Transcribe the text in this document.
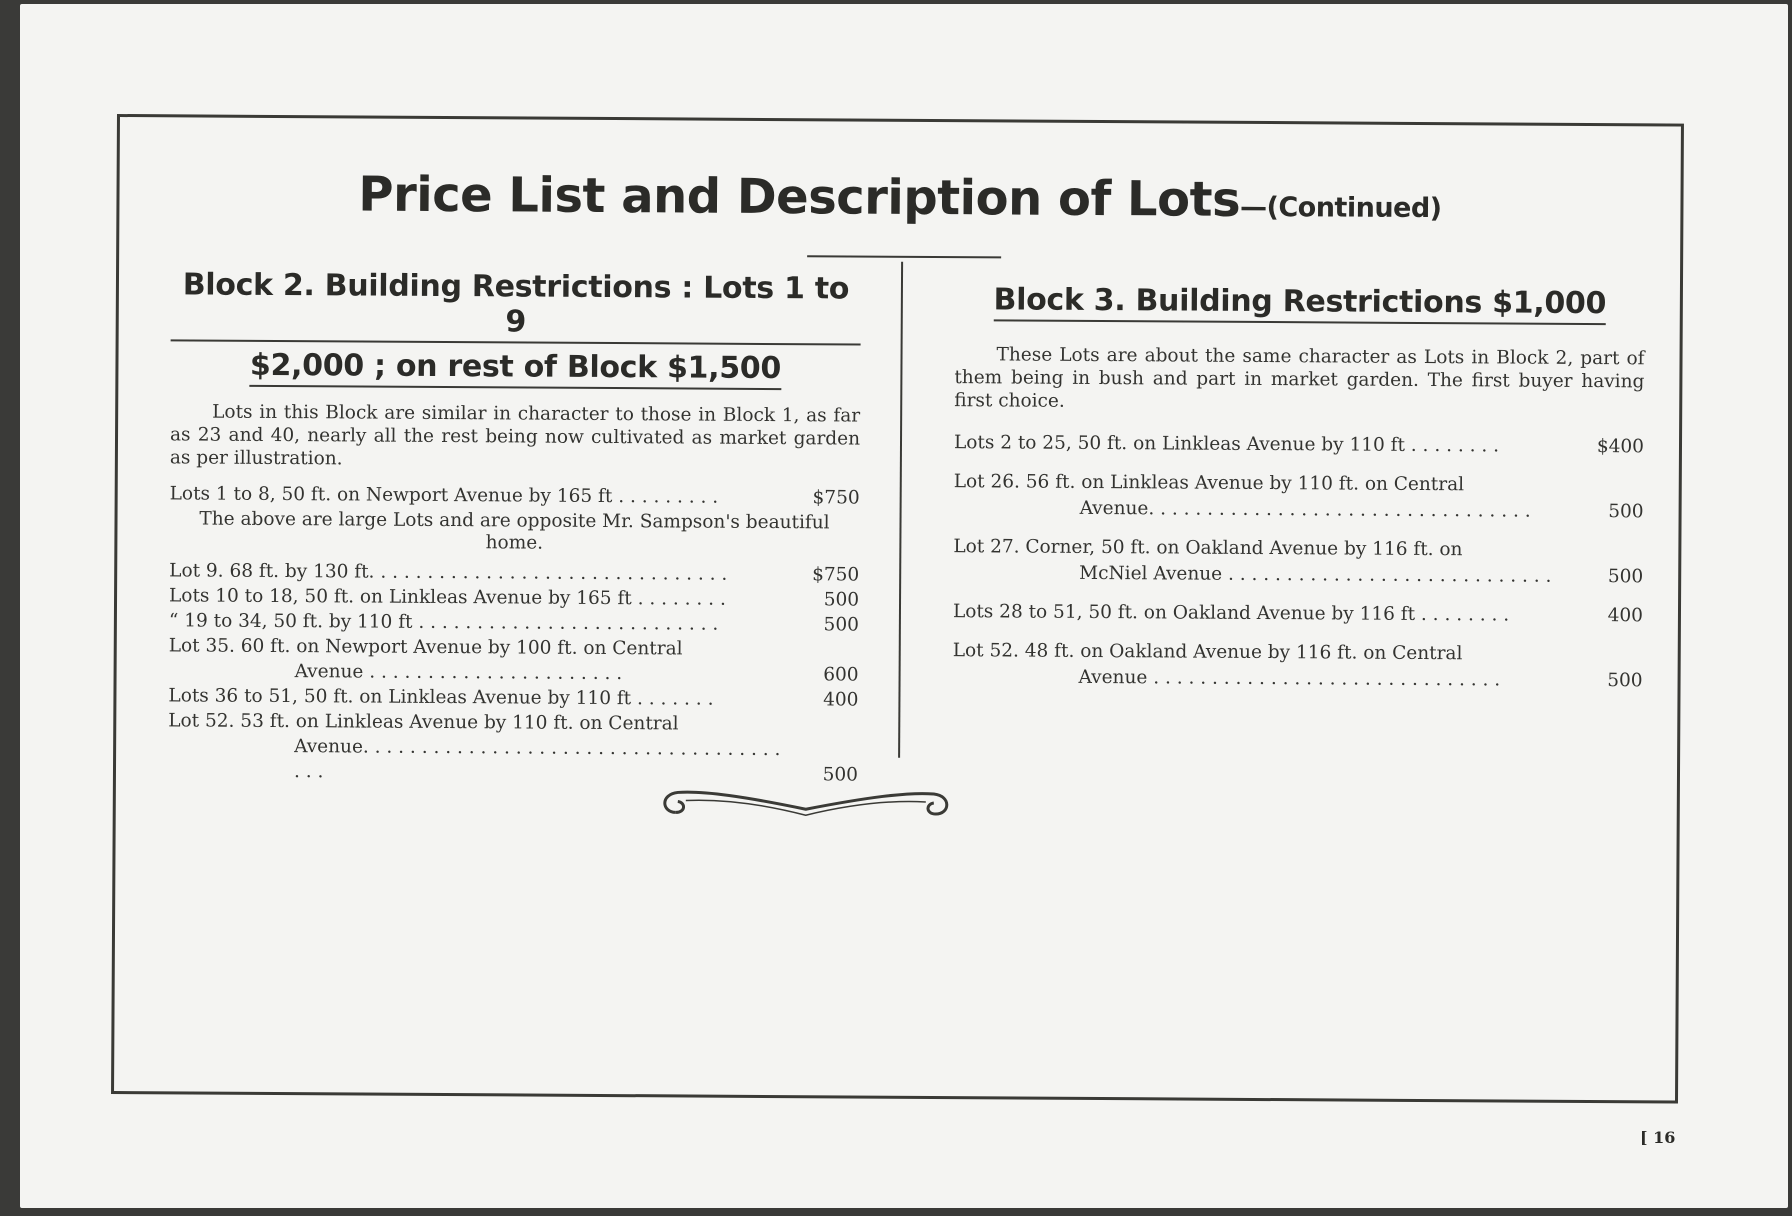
Price List and Description of Lots—(Continued)
Block 2. Building Restrictions : Lots 1 to 9
$2,000 ; on rest of Block $1,500
Lots in this Block are similar in character to those in Block 1, as far as 23 and 40, nearly all the rest being now cultivated as market garden as per illustration.
Lots 1 to 8, 50 ft. on Newport Avenue by 165 ft . . . . . . . . .	$750
The above are large Lots and are opposite Mr. Sampson's beautiful home.
Lot 9. 68 ft. by 130 ft. . . . . . . . . . . . . . . . . . . . . . . . . . . . . . .	$750
Lots 10 to 18, 50 ft. on Linkleas Avenue by 165 ft . . . . . . . .	500
“ 19 to 34, 50 ft. by 110 ft . . . . . . . . . . . . . . . . . . . . . . . . . .	500
Lot 35. 60 ft. on Newport Avenue by 100 ft. on Central
Avenue . . . . . . . . . . . . . . . . . . . . . .	600
Lots 36 to 51, 50 ft. on Linkleas Avenue by 110 ft . . . . . . .	400
Lot 52. 53 ft. on Linkleas Avenue by 110 ft. on Central
Avenue. . . . . . . . . . . . . . . . . . . . . . . . . . . . . . . . . . . . . . .	500
Block 3. Building Restrictions $1,000
These Lots are about the same character as Lots in Block 2, part of them being in bush and part in market garden. The first buyer having first choice.
Lots 2 to 25, 50 ft. on Linkleas Avenue by 110 ft . . . . . . . .	$400
Lot 26. 56 ft. on Linkleas Avenue by 110 ft. on Central
Avenue. . . . . . . . . . . . . . . . . . . . . . . . . . . . . . . . .	500
Lot 27. Corner, 50 ft. on Oakland Avenue by 116 ft. on
McNiel Avenue . . . . . . . . . . . . . . . . . . . . . . . . . . . .	500
Lots 28 to 51, 50 ft. on Oakland Avenue by 116 ft . . . . . . . .	400
Lot 52. 48 ft. on Oakland Avenue by 116 ft. on Central
Avenue . . . . . . . . . . . . . . . . . . . . . . . . . . . . . .	500
[ 16
